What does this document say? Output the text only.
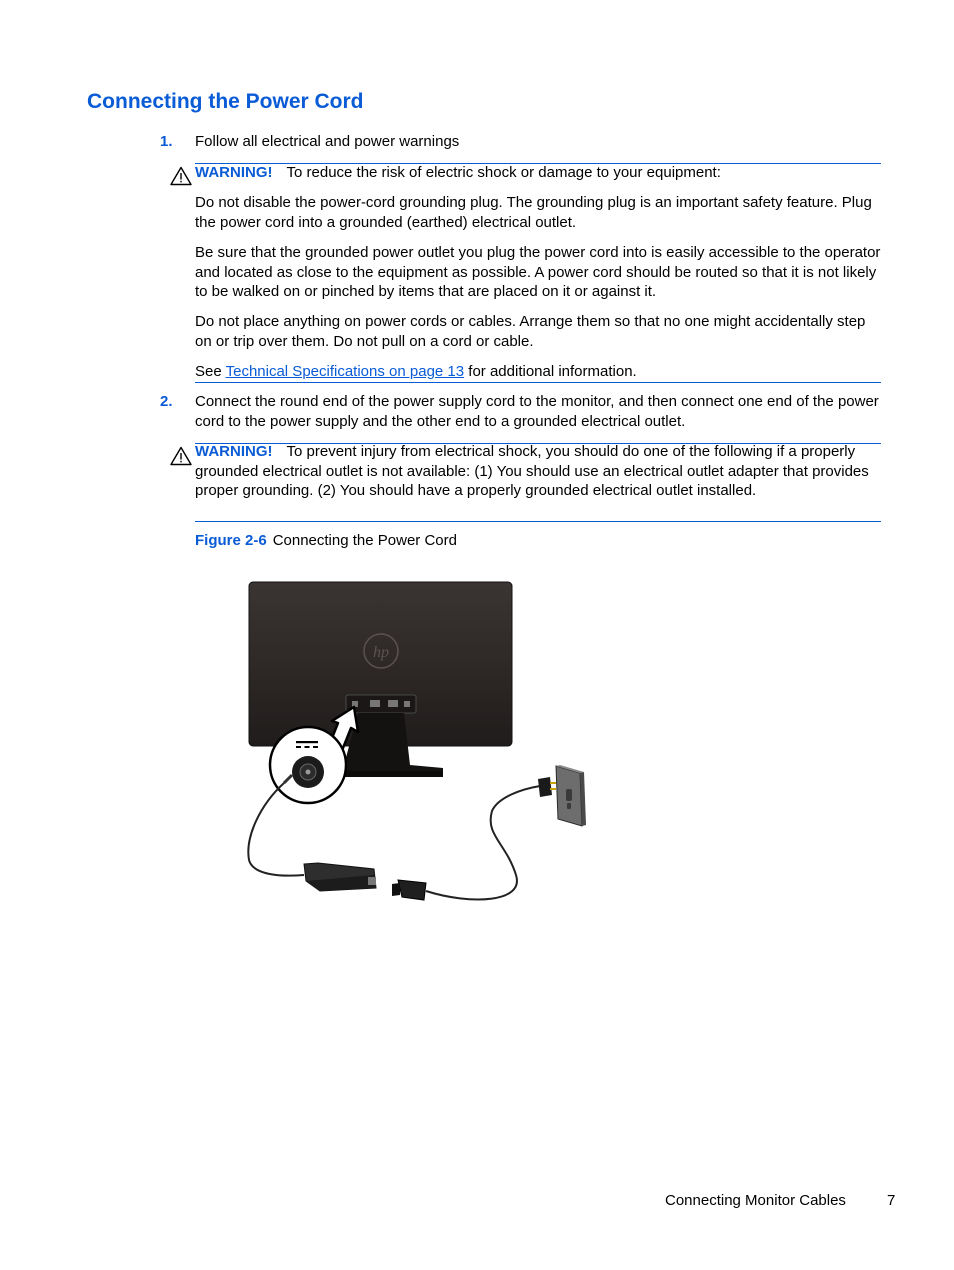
Connecting the Power Cord
1. Follow all electrical and power warnings
WARNING! To reduce the risk of electric shock or damage to your equipment:
Do not disable the power-cord grounding plug. The grounding plug is an important safety feature. Plug the power cord into a grounded (earthed) electrical outlet.
Be sure that the grounded power outlet you plug the power cord into is easily accessible to the operator and located as close to the equipment as possible. A power cord should be routed so that it is not likely to be walked on or pinched by items that are placed on it or against it.
Do not place anything on power cords or cables. Arrange them so that no one might accidentally step on or trip over them. Do not pull on a cord or cable.
See Technical Specifications on page 13 for additional information.
2. Connect the round end of the power supply cord to the monitor, and then connect one end of the power cord to the power supply and the other end to a grounded electrical outlet.
WARNING! To prevent injury from electrical shock, you should do one of the following if a properly grounded electrical outlet is not available: (1) You should use an electrical outlet adapter that provides proper grounding. (2) You should have a properly grounded electrical outlet installed.
Figure 2-6 Connecting the Power Cord
hp
Connecting Monitor Cables	7
